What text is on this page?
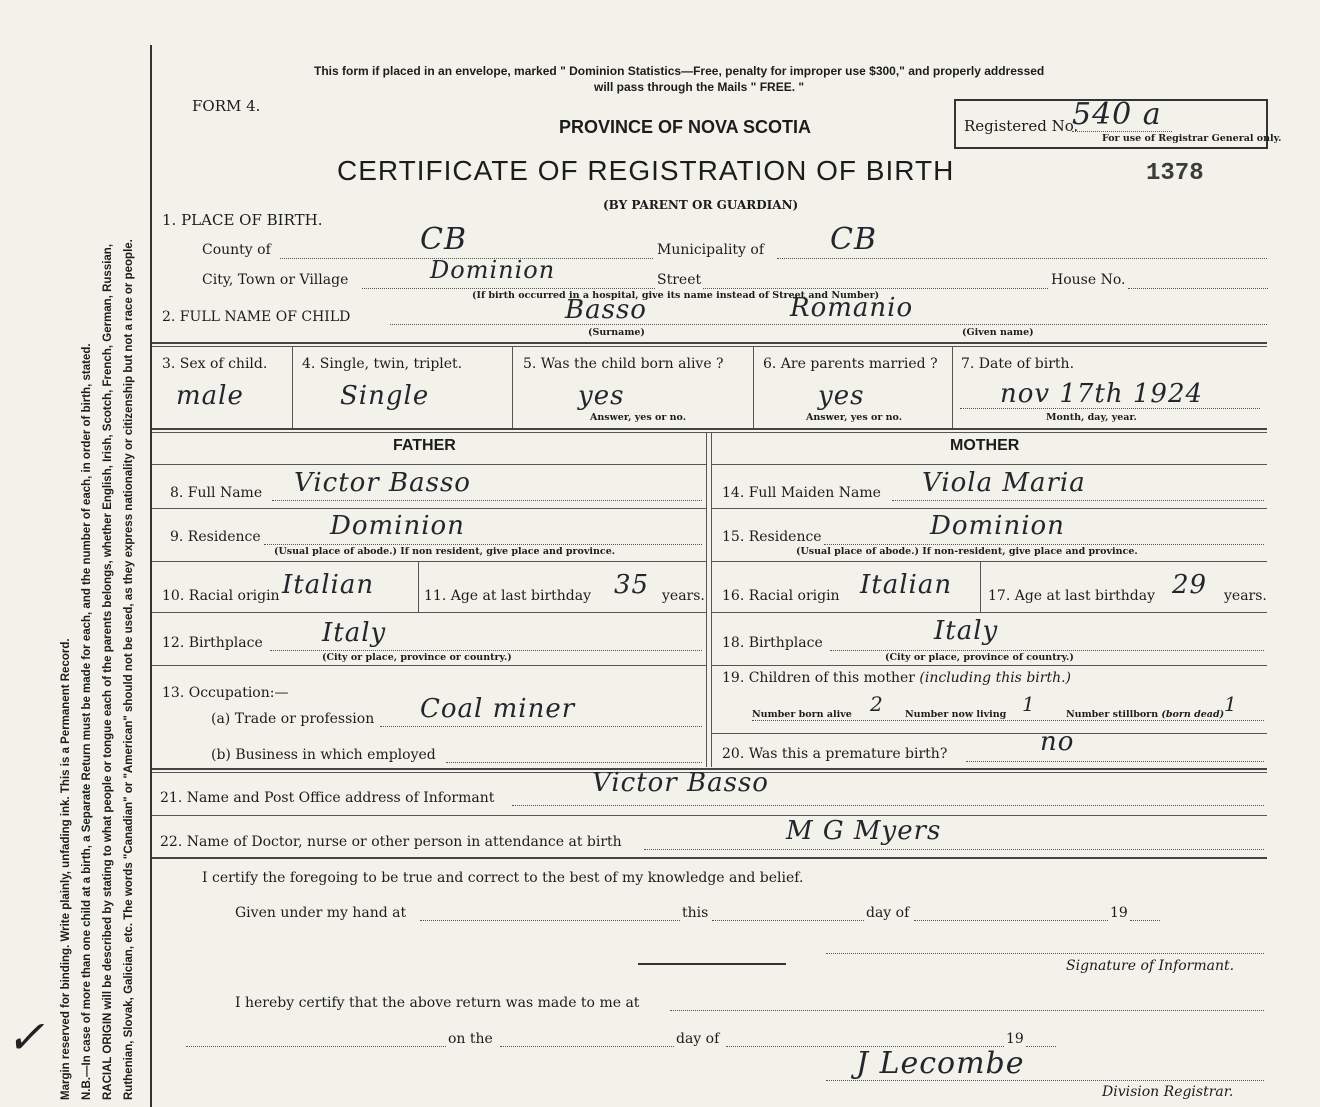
Margin reserved for binding. Write plainly, unfading ink. This is a Permanent Record. N.B.—In case of more than one child at a birth, a Separate Return must be made for each, and the number of each, in order of birth, stated. RACIAL ORIGIN will be described by stating to what people or tongue each of the parents belongs, whether English, Irish, Scotch, French, German, Russian, Ruthenian, Slovak, Galician, etc. The words "Canadian" or "American" should not be used, as they express nationality or citizenship but not a race or people.
✓
This form if placed in an envelope, marked " Dominion Statistics—Free, penalty for improper use $300," and properly addressed
will pass through the Mails " FREE. "
FORM 4.
PROVINCE OF NOVA SCOTIA
CERTIFICATE OF REGISTRATION OF BIRTH
(BY PARENT OR GUARDIAN)
1378
Registered No.
540 a
For use of Registrar General only.
1. PLACE OF BIRTH.
County of	CB	Municipality of CB
City, Town or Village	Dominion	Street	House No.
(If birth occurred in a hospital, give its name instead of Street and Number)
2. FULL NAME OF CHILD	Basso	Romanio
(Surname)	(Given name)
3. Sex of child.
male
4. Single, twin, triplet.
Single
5. Was the child born alive ?
yes
Answer, yes or no.
6. Are parents married ?
yes
Answer, yes or no.
7. Date of birth.
nov 17th 1924
Month, day, year.
FATHER	MOTHER
8. Full Name Victor Basso
9. Residence	Dominion
(Usual place of abode.) If non resident, give place and province.
10. Racial origin Italian	11. Age at last birthday 35 years.
12. Birthplace Italy
(City or place, province or country.)
13. Occupation:—
(a) Trade or profession Coal miner
(b) Business in which employed
14. Full Maiden Name Viola Maria
15. Residence	Dominion
(Usual place of abode.) If non-resident, give place and province.
16. Racial origin Italian	17. Age at last birthday 29 years.
18. Birthplace	Italy
(City or place, province of country.)
19. Children of this mother (including this birth.)
Number born alive 2 Number now living 1	Number stillborn (born dead) 1
20. Was this a premature birth?	no
21. Name and Post Office address of Informant	Victor Basso
22. Name of Doctor, nurse or other person in attendance at birth	M G Myers
I certify the foregoing to be true and correct to the best of my knowledge and belief.
Given under my hand at	this	day of	19
Signature of Informant.
I hereby certify that the above return was made to me at
on the	day of	19
J Lecombe
Division Registrar.
